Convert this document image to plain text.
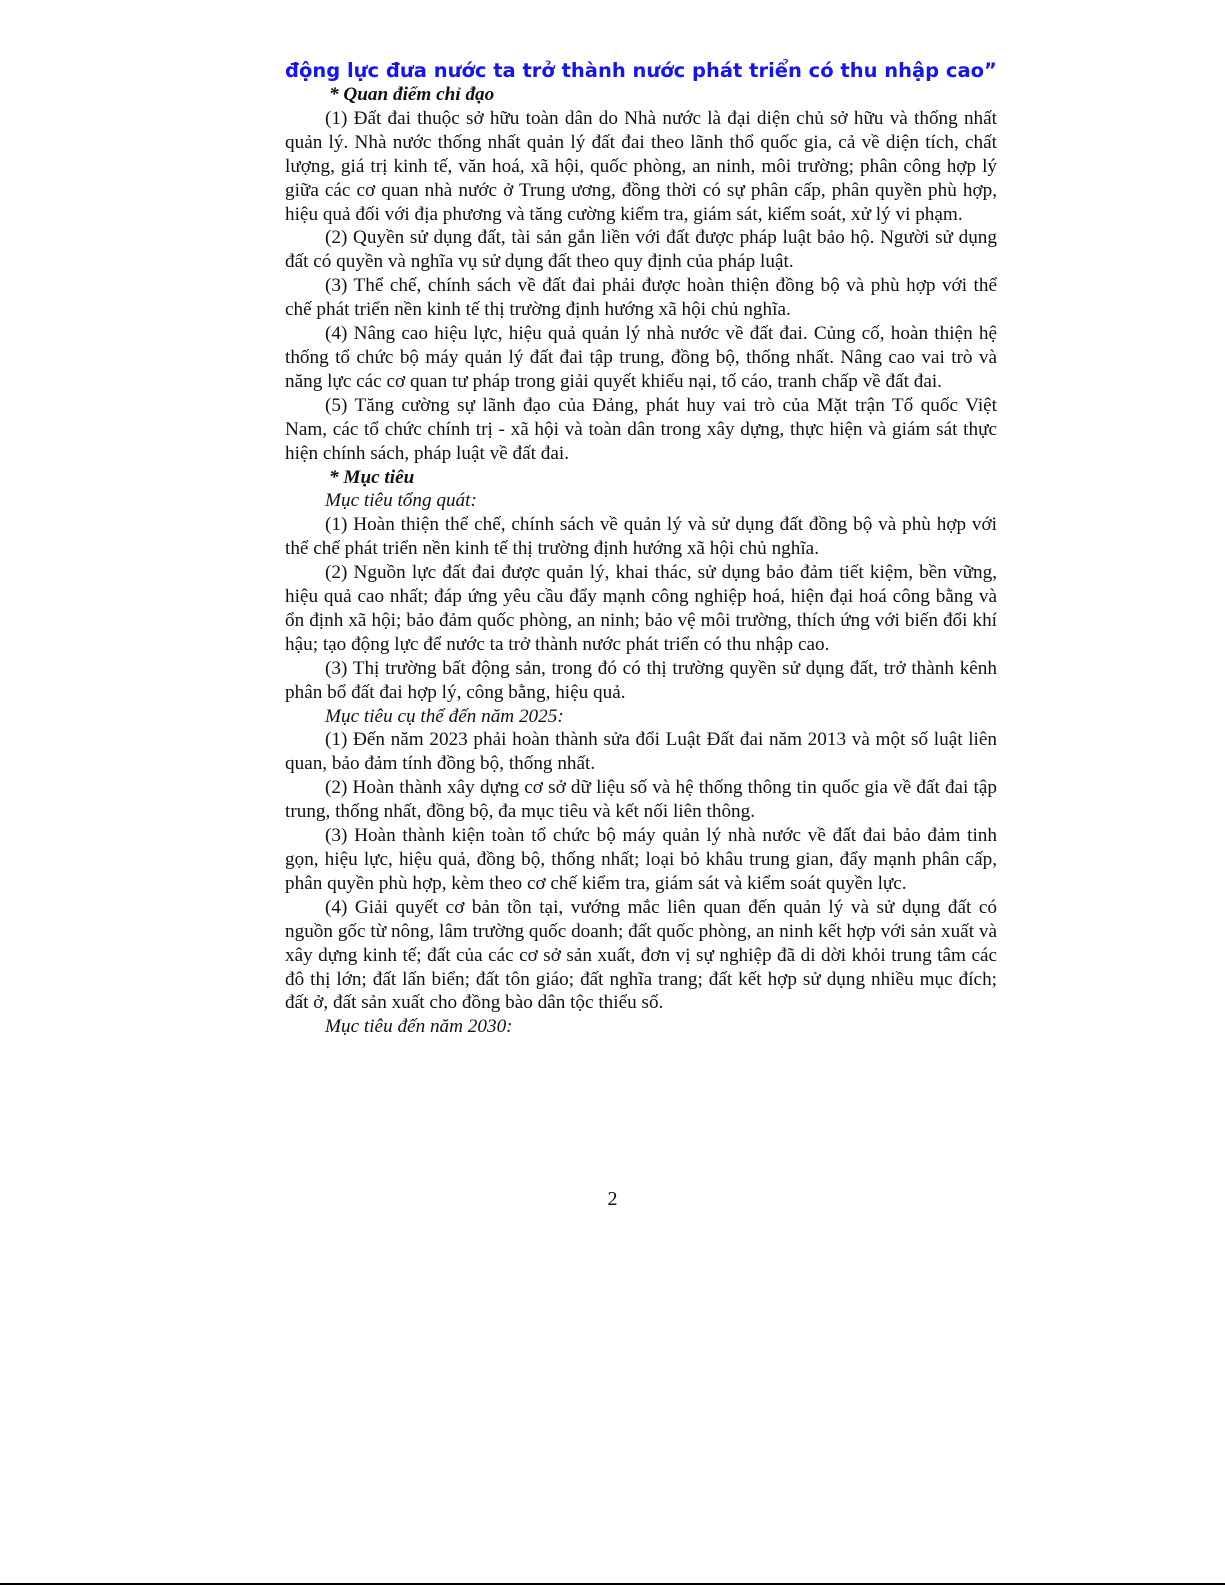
động lực đưa nước ta trở thành nước phát triển có thu nhập cao”

* Quan điểm chỉ đạo

(1) Đất đai thuộc sở hữu toàn dân do Nhà nước là đại diện chủ sở hữu và thống nhất quản lý. Nhà nước thống nhất quản lý đất đai theo lãnh thổ quốc gia, cả về diện tích, chất lượng, giá trị kinh tế, văn hoá, xã hội, quốc phòng, an ninh, môi trường; phân công hợp lý giữa các cơ quan nhà nước ở Trung ương, đồng thời có sự phân cấp, phân quyền phù hợp, hiệu quả đối với địa phương và tăng cường kiểm tra, giám sát, kiểm soát, xử lý vi phạm.

(2) Quyền sử dụng đất, tài sản gắn liền với đất được pháp luật bảo hộ. Người sử dụng đất có quyền và nghĩa vụ sử dụng đất theo quy định của pháp luật.

(3) Thể chế, chính sách về đất đai phải được hoàn thiện đồng bộ và phù hợp với thể chế phát triển nền kinh tế thị trường định hướng xã hội chủ nghĩa.

(4) Nâng cao hiệu lực, hiệu quả quản lý nhà nước về đất đai. Củng cố, hoàn thiện hệ thống tổ chức bộ máy quản lý đất đai tập trung, đồng bộ, thống nhất. Nâng cao vai trò và năng lực các cơ quan tư pháp trong giải quyết khiếu nại, tố cáo, tranh chấp về đất đai.

(5) Tăng cường sự lãnh đạo của Đảng, phát huy vai trò của Mặt trận Tổ quốc Việt Nam, các tổ chức chính trị - xã hội và toàn dân trong xây dựng, thực hiện và giám sát thực hiện chính sách, pháp luật về đất đai.

* Mục tiêu

Mục tiêu tổng quát:

(1) Hoàn thiện thể chế, chính sách về quản lý và sử dụng đất đồng bộ và phù hợp với thể chế phát triển nền kinh tế thị trường định hướng xã hội chủ nghĩa.

(2) Nguồn lực đất đai được quản lý, khai thác, sử dụng bảo đảm tiết kiệm, bền vững, hiệu quả cao nhất; đáp ứng yêu cầu đẩy mạnh công nghiệp hoá, hiện đại hoá công bằng và ổn định xã hội; bảo đảm quốc phòng, an ninh; bảo vệ môi trường, thích ứng với biến đổi khí hậu; tạo động lực để nước ta trở thành nước phát triển có thu nhập cao.

(3) Thị trường bất động sản, trong đó có thị trường quyền sử dụng đất, trở thành kênh phân bổ đất đai hợp lý, công bằng, hiệu quả.

Mục tiêu cụ thể đến năm 2025:

(1) Đến năm 2023 phải hoàn thành sửa đổi Luật Đất đai năm 2013 và một số luật liên quan, bảo đảm tính đồng bộ, thống nhất.

(2) Hoàn thành xây dựng cơ sở dữ liệu số và hệ thống thông tin quốc gia về đất đai tập trung, thống nhất, đồng bộ, đa mục tiêu và kết nối liên thông.

(3) Hoàn thành kiện toàn tổ chức bộ máy quản lý nhà nước về đất đai bảo đảm tinh gọn, hiệu lực, hiệu quả, đồng bộ, thống nhất; loại bỏ khâu trung gian, đẩy mạnh phân cấp, phân quyền phù hợp, kèm theo cơ chế kiểm tra, giám sát và kiểm soát quyền lực.

(4) Giải quyết cơ bản tồn tại, vướng mắc liên quan đến quản lý và sử dụng đất có nguồn gốc từ nông, lâm trường quốc doanh; đất quốc phòng, an ninh kết hợp với sản xuất và xây dựng kinh tế; đất của các cơ sở sản xuất, đơn vị sự nghiệp đã di dời khỏi trung tâm các đô thị lớn; đất lấn biển; đất tôn giáo; đất nghĩa trang; đất kết hợp sử dụng nhiều mục đích; đất ở, đất sản xuất cho đồng bào dân tộc thiểu số.

Mục tiêu đến năm 2030:

2
